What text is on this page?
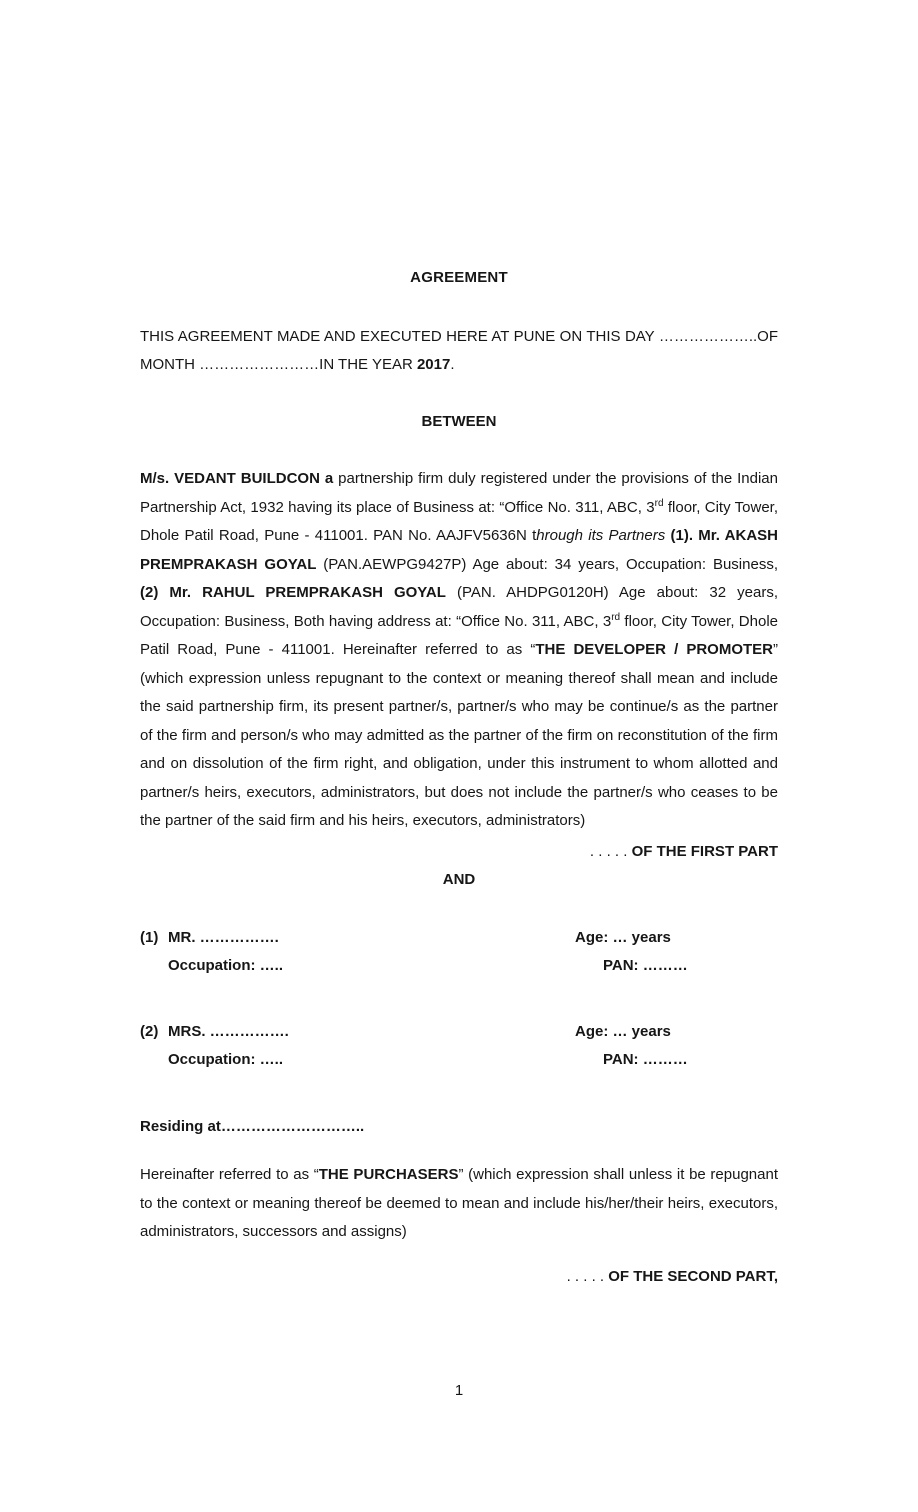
AGREEMENT

THIS AGREEMENT MADE AND EXECUTED HERE AT PUNE ON THIS DAY ………………..OF MONTH ……………………IN THE YEAR 2017.

BETWEEN

M/s. VEDANT BUILDCON a partnership firm duly registered under the provisions of the Indian Partnership Act, 1932 having its place of Business at: “Office No. 311, ABC, 3rd floor, City Tower, Dhole Patil Road, Pune - 411001. PAN No. AAJFV5636N through its Partners (1). Mr. AKASH PREMPRAKASH GOYAL (PAN.AEWPG9427P) Age about: 34 years, Occupation: Business, (2) Mr. RAHUL PREMPRAKASH GOYAL (PAN. AHDPG0120H) Age about: 32 years, Occupation: Business, Both having address at: “Office No. 311, ABC, 3rd floor, City Tower, Dhole Patil Road, Pune - 411001. Hereinafter referred to as “THE DEVELOPER / PROMOTER” (which expression unless repugnant to the context or meaning thereof shall mean and include the said partnership firm, its present partner/s, partner/s who may be continue/s as the partner of the firm and person/s who may admitted as the partner of the firm on reconstitution of the firm and on dissolution of the firm right, and obligation, under this instrument to whom allotted and partner/s heirs, executors, administrators, but does not include the partner/s who ceases to be the partner of the said firm and his heirs, executors, administrators)

. . . . . OF THE FIRST PART

AND
(1) MR. …………….	Age: … years
Occupation: …..	PAN: ………
(2) MRS. …………….	Age: … years
Occupation: …..	PAN: ………

Residing at………………………..

Hereinafter referred to as “THE PURCHASERS” (which expression shall unless it be repugnant to the context or meaning thereof be deemed to mean and include his/her/their heirs, executors, administrators, successors and assigns)

. . . . . OF THE SECOND PART,

1
